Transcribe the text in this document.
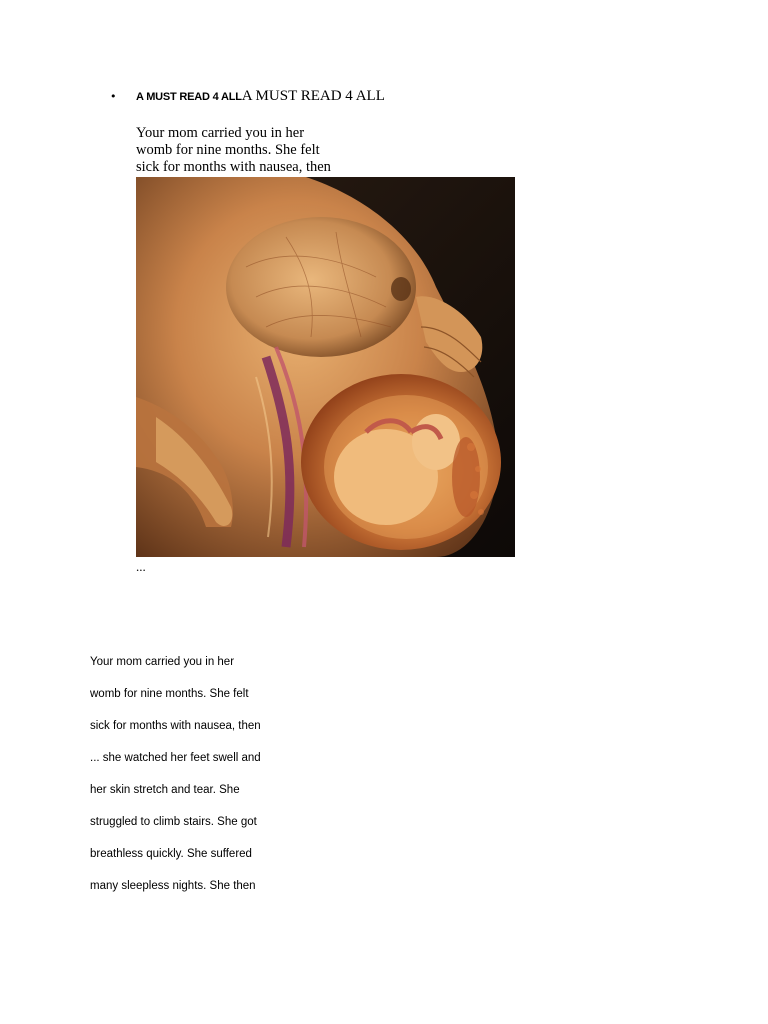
•	A MUST READ 4 ALL A MUST READ 4 ALL
Your mom carried you in her
womb for nine months. She felt
sick for months with nausea, then
...
Your mom carried you in her
womb for nine months. She felt
sick for months with nausea, then
... she watched her feet swell and
her skin stretch and tear. She
struggled to climb stairs. She got
breathless quickly. She suffered
many sleepless nights. She then
